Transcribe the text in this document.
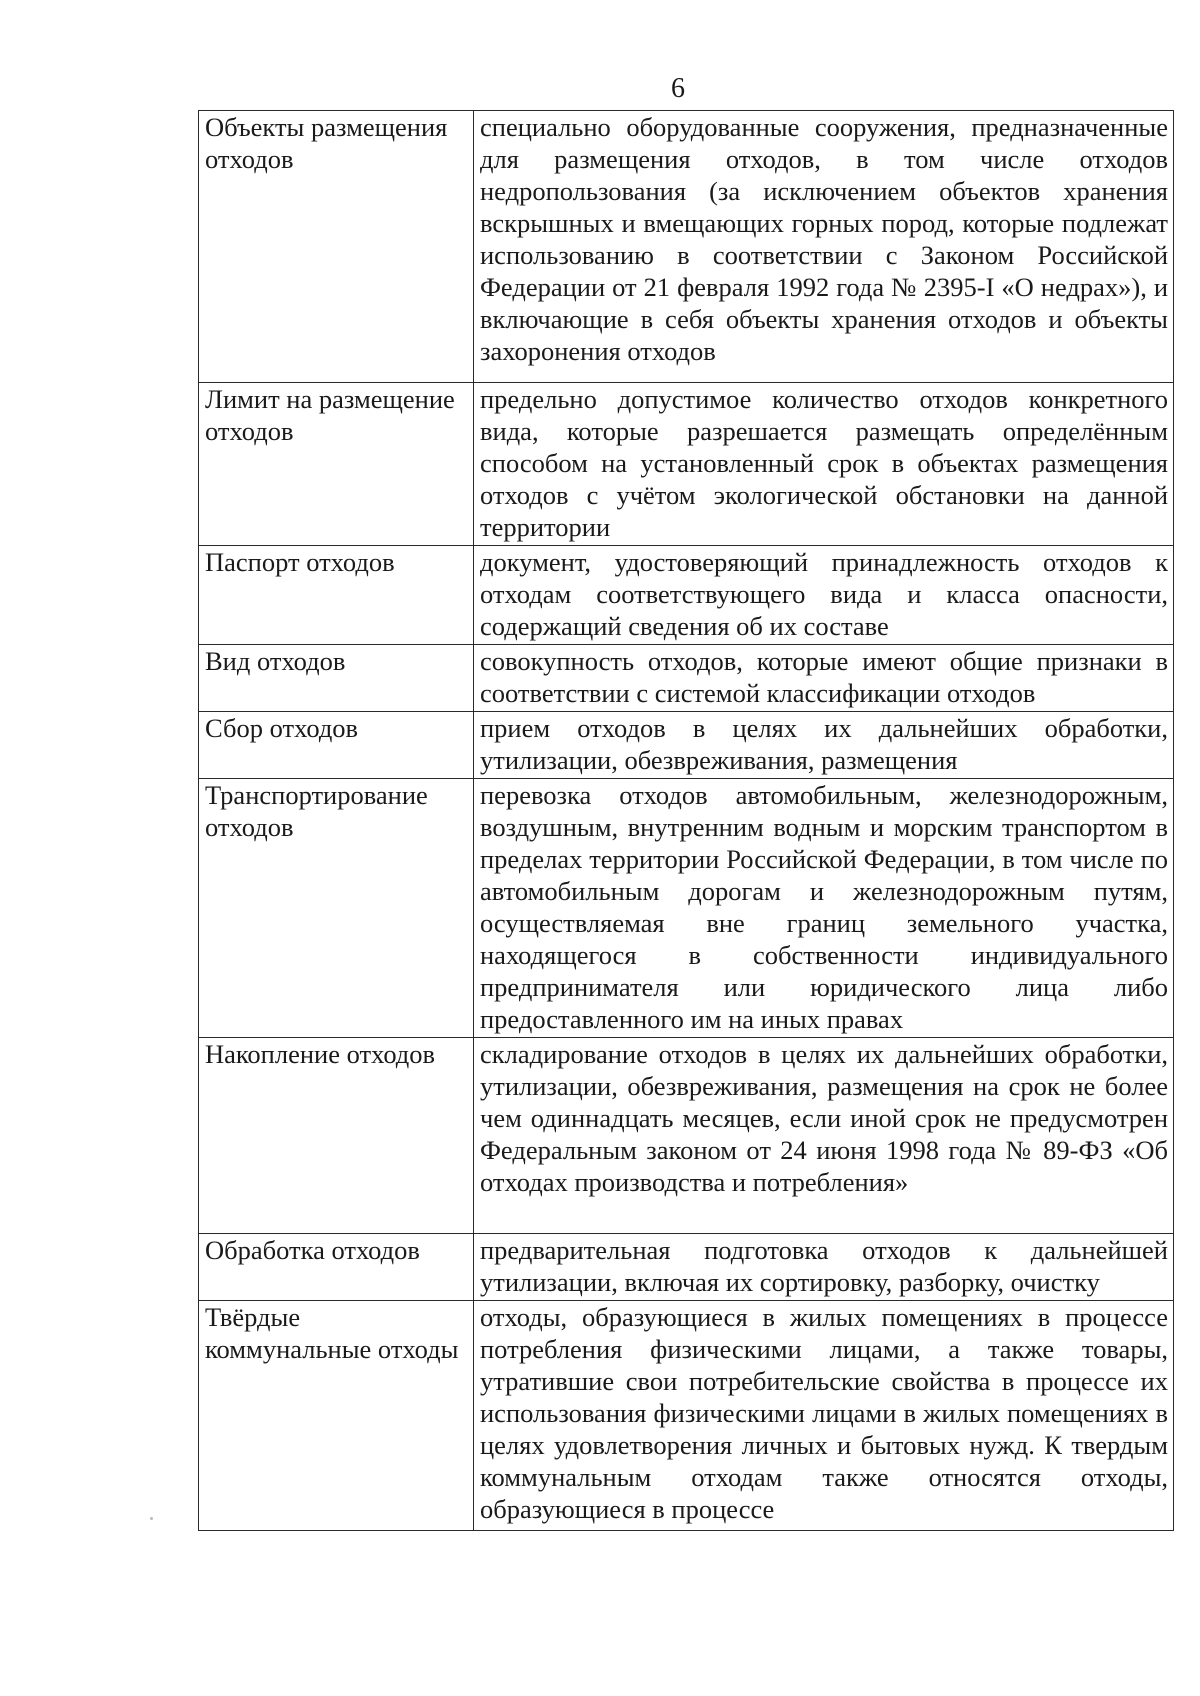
6
Объекты размещения отходов	специально оборудованные сооружения, предназначенные для размещения отходов, в том числе отходов недропользования (за исключением объектов хранения вскрышных и вмещающих горных пород, которые подлежат использованию в соответствии с Законом Российской Федерации от 21 февраля 1992 года № 2395-I «О недрах»), и включающие в себя объекты хранения отходов и объекты захоронения отходов
Лимит на размещение отходов	предельно допустимое количество отходов конкретного вида, которые разрешается размещать определённым способом на установленный срок в объектах размещения отходов с учётом экологической обстановки на данной территории
Паспорт отходов	документ, удостоверяющий принадлежность отходов к отходам соответствующего вида и класса опасности, содержащий сведения об их составе
Вид отходов	совокупность отходов, которые имеют общие признаки в соответствии с системой классификации отходов
Сбор отходов	прием отходов в целях их дальнейших обработки, утилизации, обезвреживания, размещения
Транспортирование отходов	перевозка отходов автомобильным, железнодорожным, воздушным, внутренним водным и морским транспортом в пределах территории Российской Федерации, в том числе по автомобильным дорогам и железнодорожным путям, осуществляемая вне границ земельного участка, находящегося в собственности индивидуального предпринимателя или юридического лица либо предоставленного им на иных правах
Накопление отходов	складирование отходов в целях их дальнейших обработки, утилизации, обезвреживания, размещения на срок не более чем одиннадцать месяцев, если иной срок не предусмотрен Федеральным законом от 24 июня 1998 года № 89-ФЗ «Об отходах производства и потребления»
Обработка отходов	предварительная подготовка отходов к дальнейшей утилизации, включая их сортировку, разборку, очистку
Твёрдые коммунальные отходы	отходы, образующиеся в жилых помещениях в процессе потребления физическими лицами, а также товары, утратившие свои потребительские свойства в процессе их использования физическими лицами в жилых помещениях в целях удовлетворения личных и бытовых нужд. К твердым коммунальным отходам также относятся отходы, образующиеся в процессе
